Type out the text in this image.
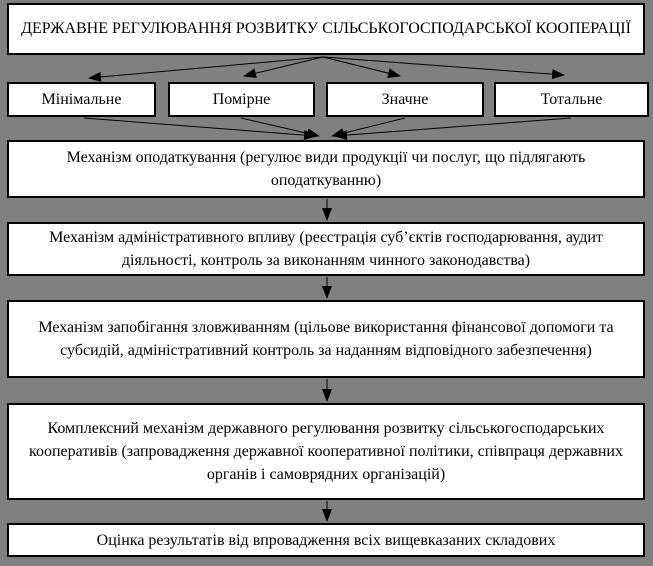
ДЕРЖАВНЕ РЕГУЛЮВАННЯ РОЗВИТКУ СІЛЬСЬКОГОСПОДАРСЬКОЇ КООПЕРАЦІЇ
Мінімальне	Помірне	Значне	Тотальне
Механізм оподаткування (регулює види продукції чи послуг, що підлягають оподаткуванню)
Механізм адміністративного впливу (реєстрація суб’єктів господарювання, аудит діяльності, контроль за виконанням чинного законодавства)
Механізм запобігання зловживанням (цільове використання фінансової допомоги та субсидій, адміністративний контроль за наданням відповідного забезпечення)
Комплексний механізм державного регулювання розвитку сільськогосподарських кооперативів (запровадження державної кооперативної політики, співпраця державних органів і самоврядних організацій)
Оцінка результатів від впровадження всіх вищевказаних складових
